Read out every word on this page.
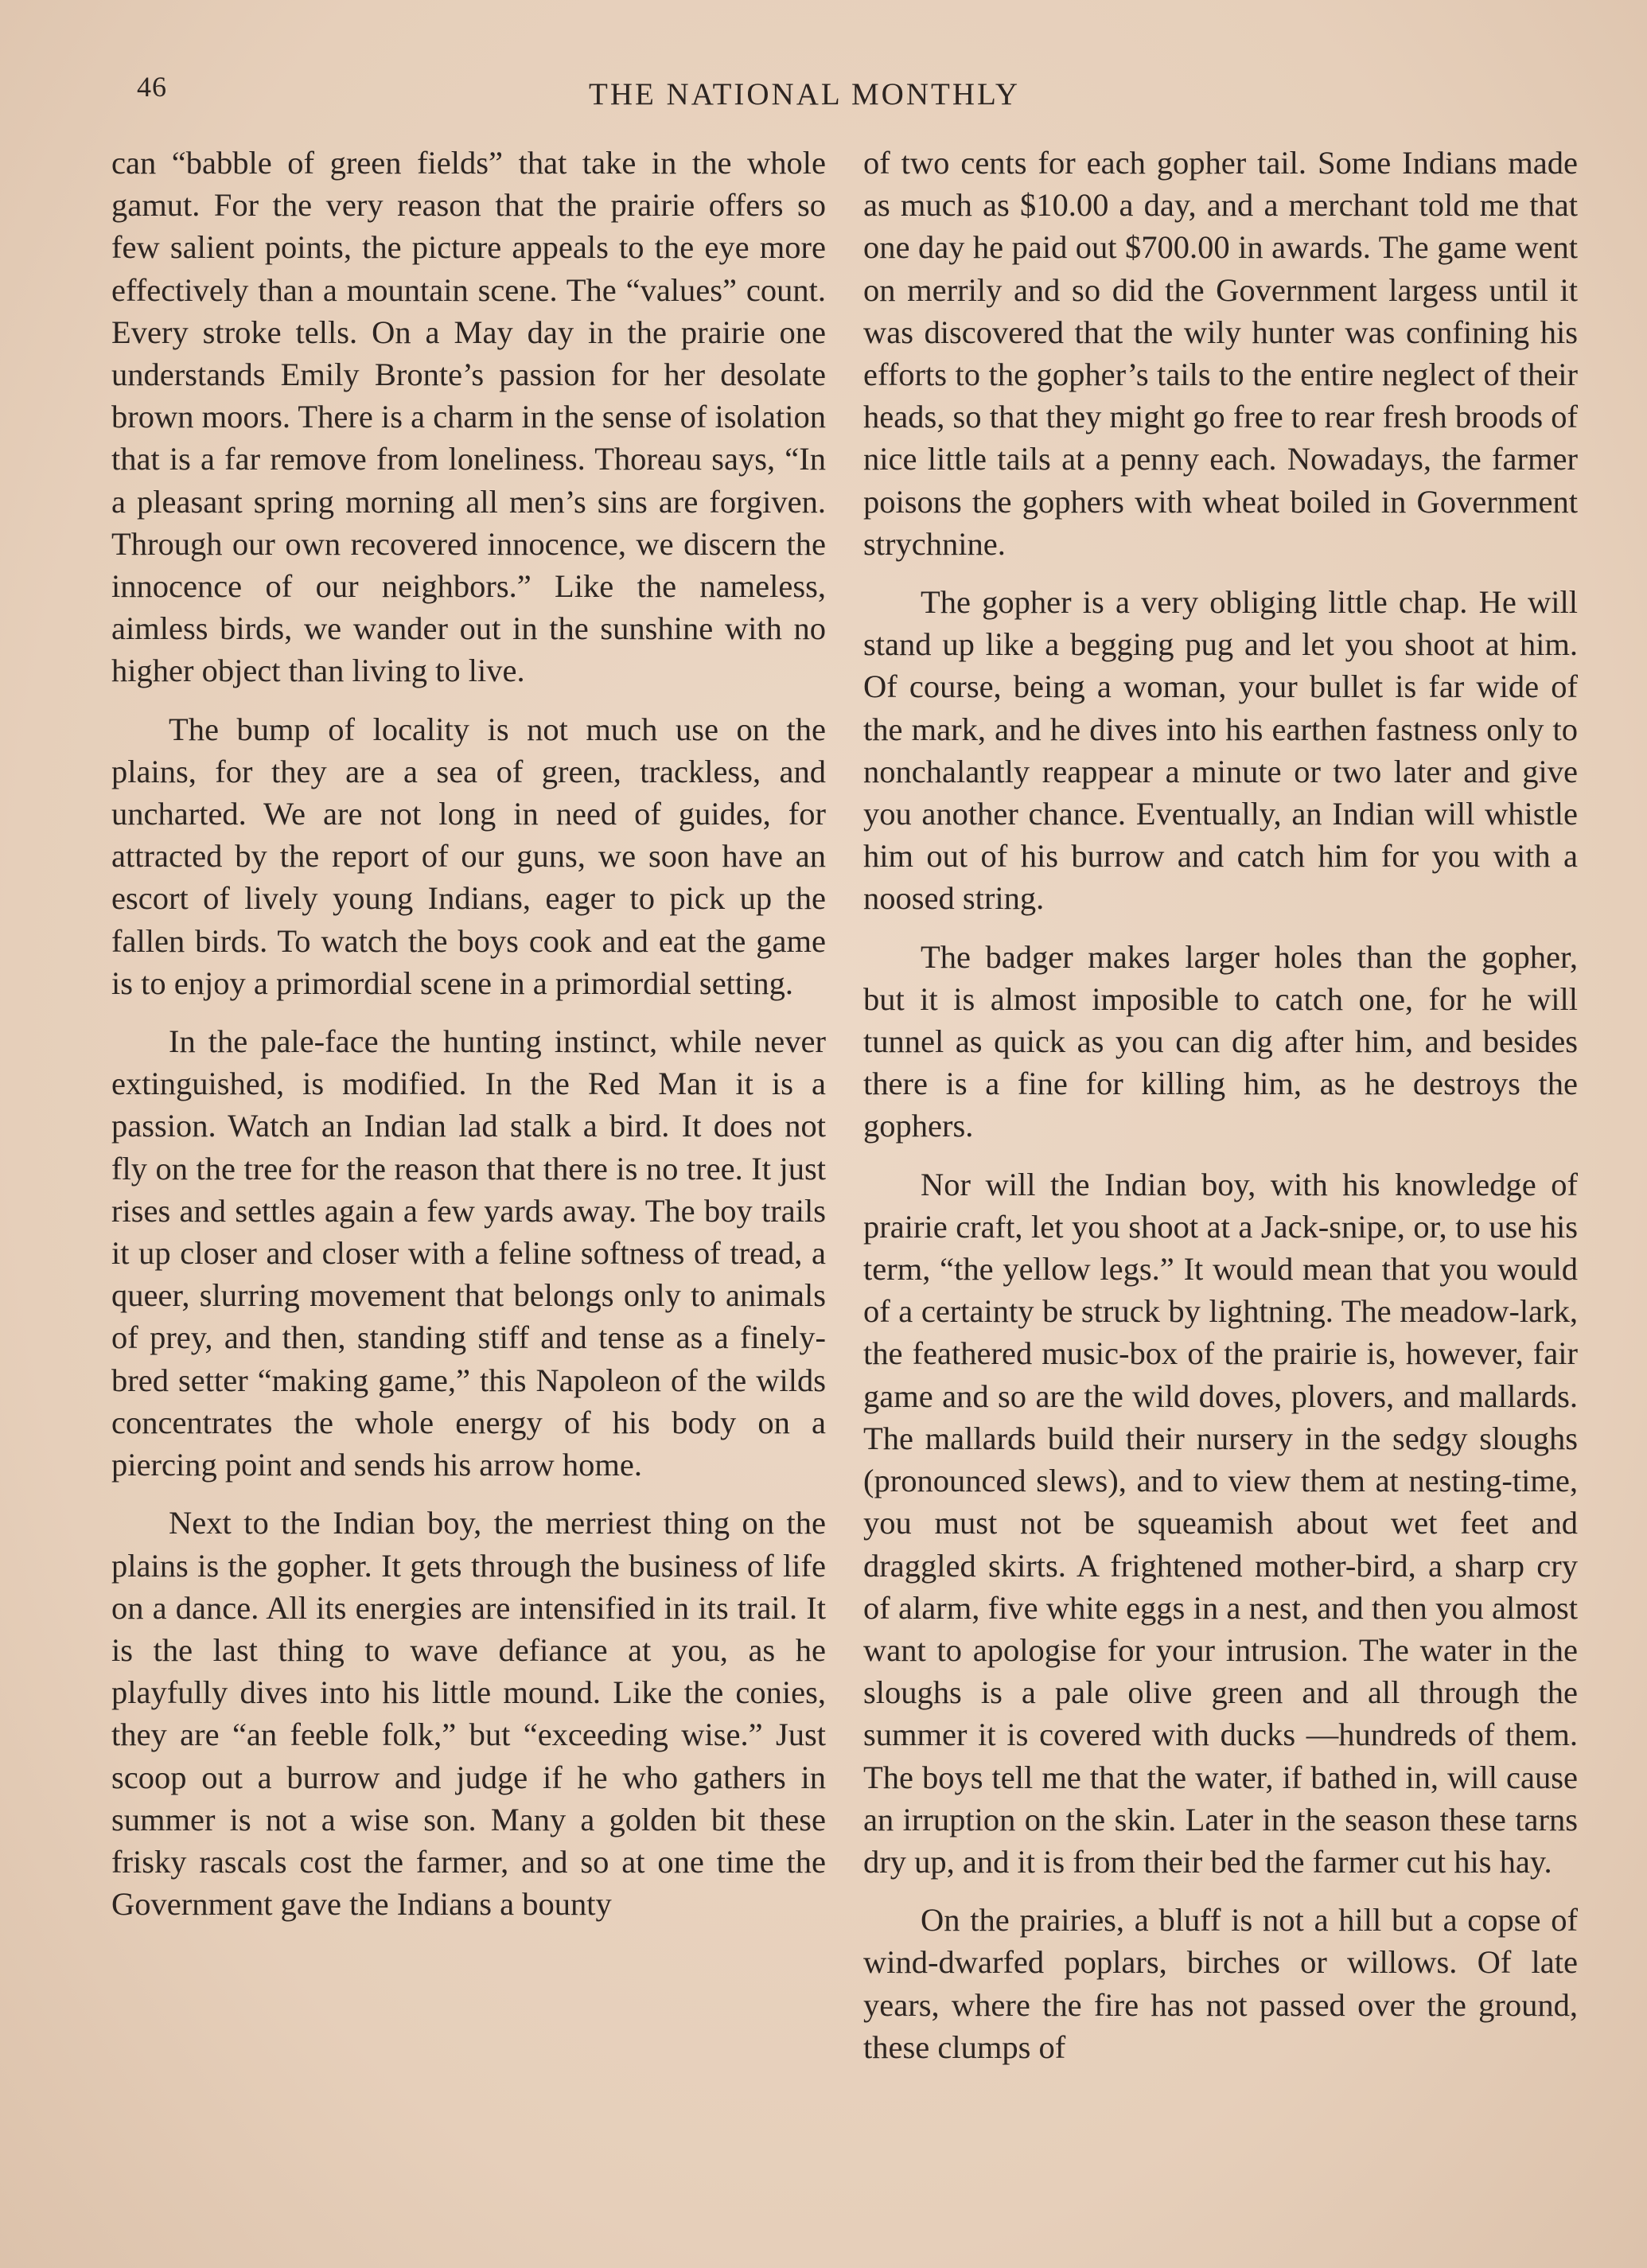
46	THE NATIONAL MONTHLY

can “babble of green fields” that take in the whole gamut. For the very reason that the prairie offers so few salient points, the picture appeals to the eye more effectively than a mountain scene. The “values” count. Every stroke tells. On a May day in the prairie one understands Emily Bronte’s passion for her desolate brown moors. There is a charm in the sense of isolation that is a far remove from loneliness. Thoreau says, “In a pleasant spring morning all men’s sins are forgiven. Through our own recovered innocence, we discern the innocence of our neighbors.” Like the nameless, aimless birds, we wander out in the sunshine with no higher object than living to live.

The bump of locality is not much use on the plains, for they are a sea of green, trackless, and uncharted. We are not long in need of guides, for attracted by the report of our guns, we soon have an escort of lively young Indians, eager to pick up the fallen birds. To watch the boys cook and eat the game is to enjoy a primordial scene in a primordial setting.

In the pale-face the hunting instinct, while never extinguished, is modified. In the Red Man it is a passion. Watch an Indian lad stalk a bird. It does not fly on the tree for the reason that there is no tree. It just rises and settles again a few yards away. The boy trails it up closer and closer with a feline softness of tread, a queer, slurring movement that belongs only to animals of prey, and then, standing stiff and tense as a finely-bred setter “making game,” this Napoleon of the wilds concentrates the whole energy of his body on a piercing point and sends his arrow home.

Next to the Indian boy, the merriest thing on the plains is the gopher. It gets through the business of life on a dance. All its energies are intensified in its trail. It is the last thing to wave defiance at you, as he playfully dives into his little mound. Like the conies, they are “an feeble folk,” but “exceeding wise.” Just scoop out a burrow and judge if he who gathers in summer is not a wise son. Many a golden bit these frisky rascals cost the farmer, and so at one time the Government gave the Indians a bounty

of two cents for each gopher tail. Some Indians made as much as $10.00 a day, and a merchant told me that one day he paid out $700.00 in awards. The game went on merrily and so did the Government largess until it was discovered that the wily hunter was confining his efforts to the gopher’s tails to the entire neglect of their heads, so that they might go free to rear fresh broods of nice little tails at a penny each. Nowadays, the farmer poisons the gophers with wheat boiled in Government strychnine.

The gopher is a very obliging little chap. He will stand up like a begging pug and let you shoot at him. Of course, being a woman, your bullet is far wide of the mark, and he dives into his earthen fastness only to nonchalantly reappear a minute or two later and give you another chance. Eventually, an Indian will whistle him out of his burrow and catch him for you with a noosed string.

The badger makes larger holes than the gopher, but it is almost imposible to catch one, for he will tunnel as quick as you can dig after him, and besides there is a fine for killing him, as he destroys the gophers.

Nor will the Indian boy, with his knowledge of prairie craft, let you shoot at a Jack-snipe, or, to use his term, “the yellow legs.” It would mean that you would of a certainty be struck by lightning. The meadow-lark, the feathered music-box of the prairie is, however, fair game and so are the wild doves, plovers, and mallards. The mallards build their nursery in the sedgy sloughs (pronounced slews), and to view them at nesting-time, you must not be squeamish about wet feet and draggled skirts. A frightened mother-bird, a sharp cry of alarm, five white eggs in a nest, and then you almost want to apologise for your intrusion. The water in the sloughs is a pale olive green and all through the summer it is covered with ducks —hundreds of them. The boys tell me that the water, if bathed in, will cause an irruption on the skin. Later in the season these tarns dry up, and it is from their bed the farmer cut his hay.

On the prairies, a bluff is not a hill but a copse of wind-dwarfed poplars, birches or willows. Of late years, where the fire has not passed over the ground, these clumps of
